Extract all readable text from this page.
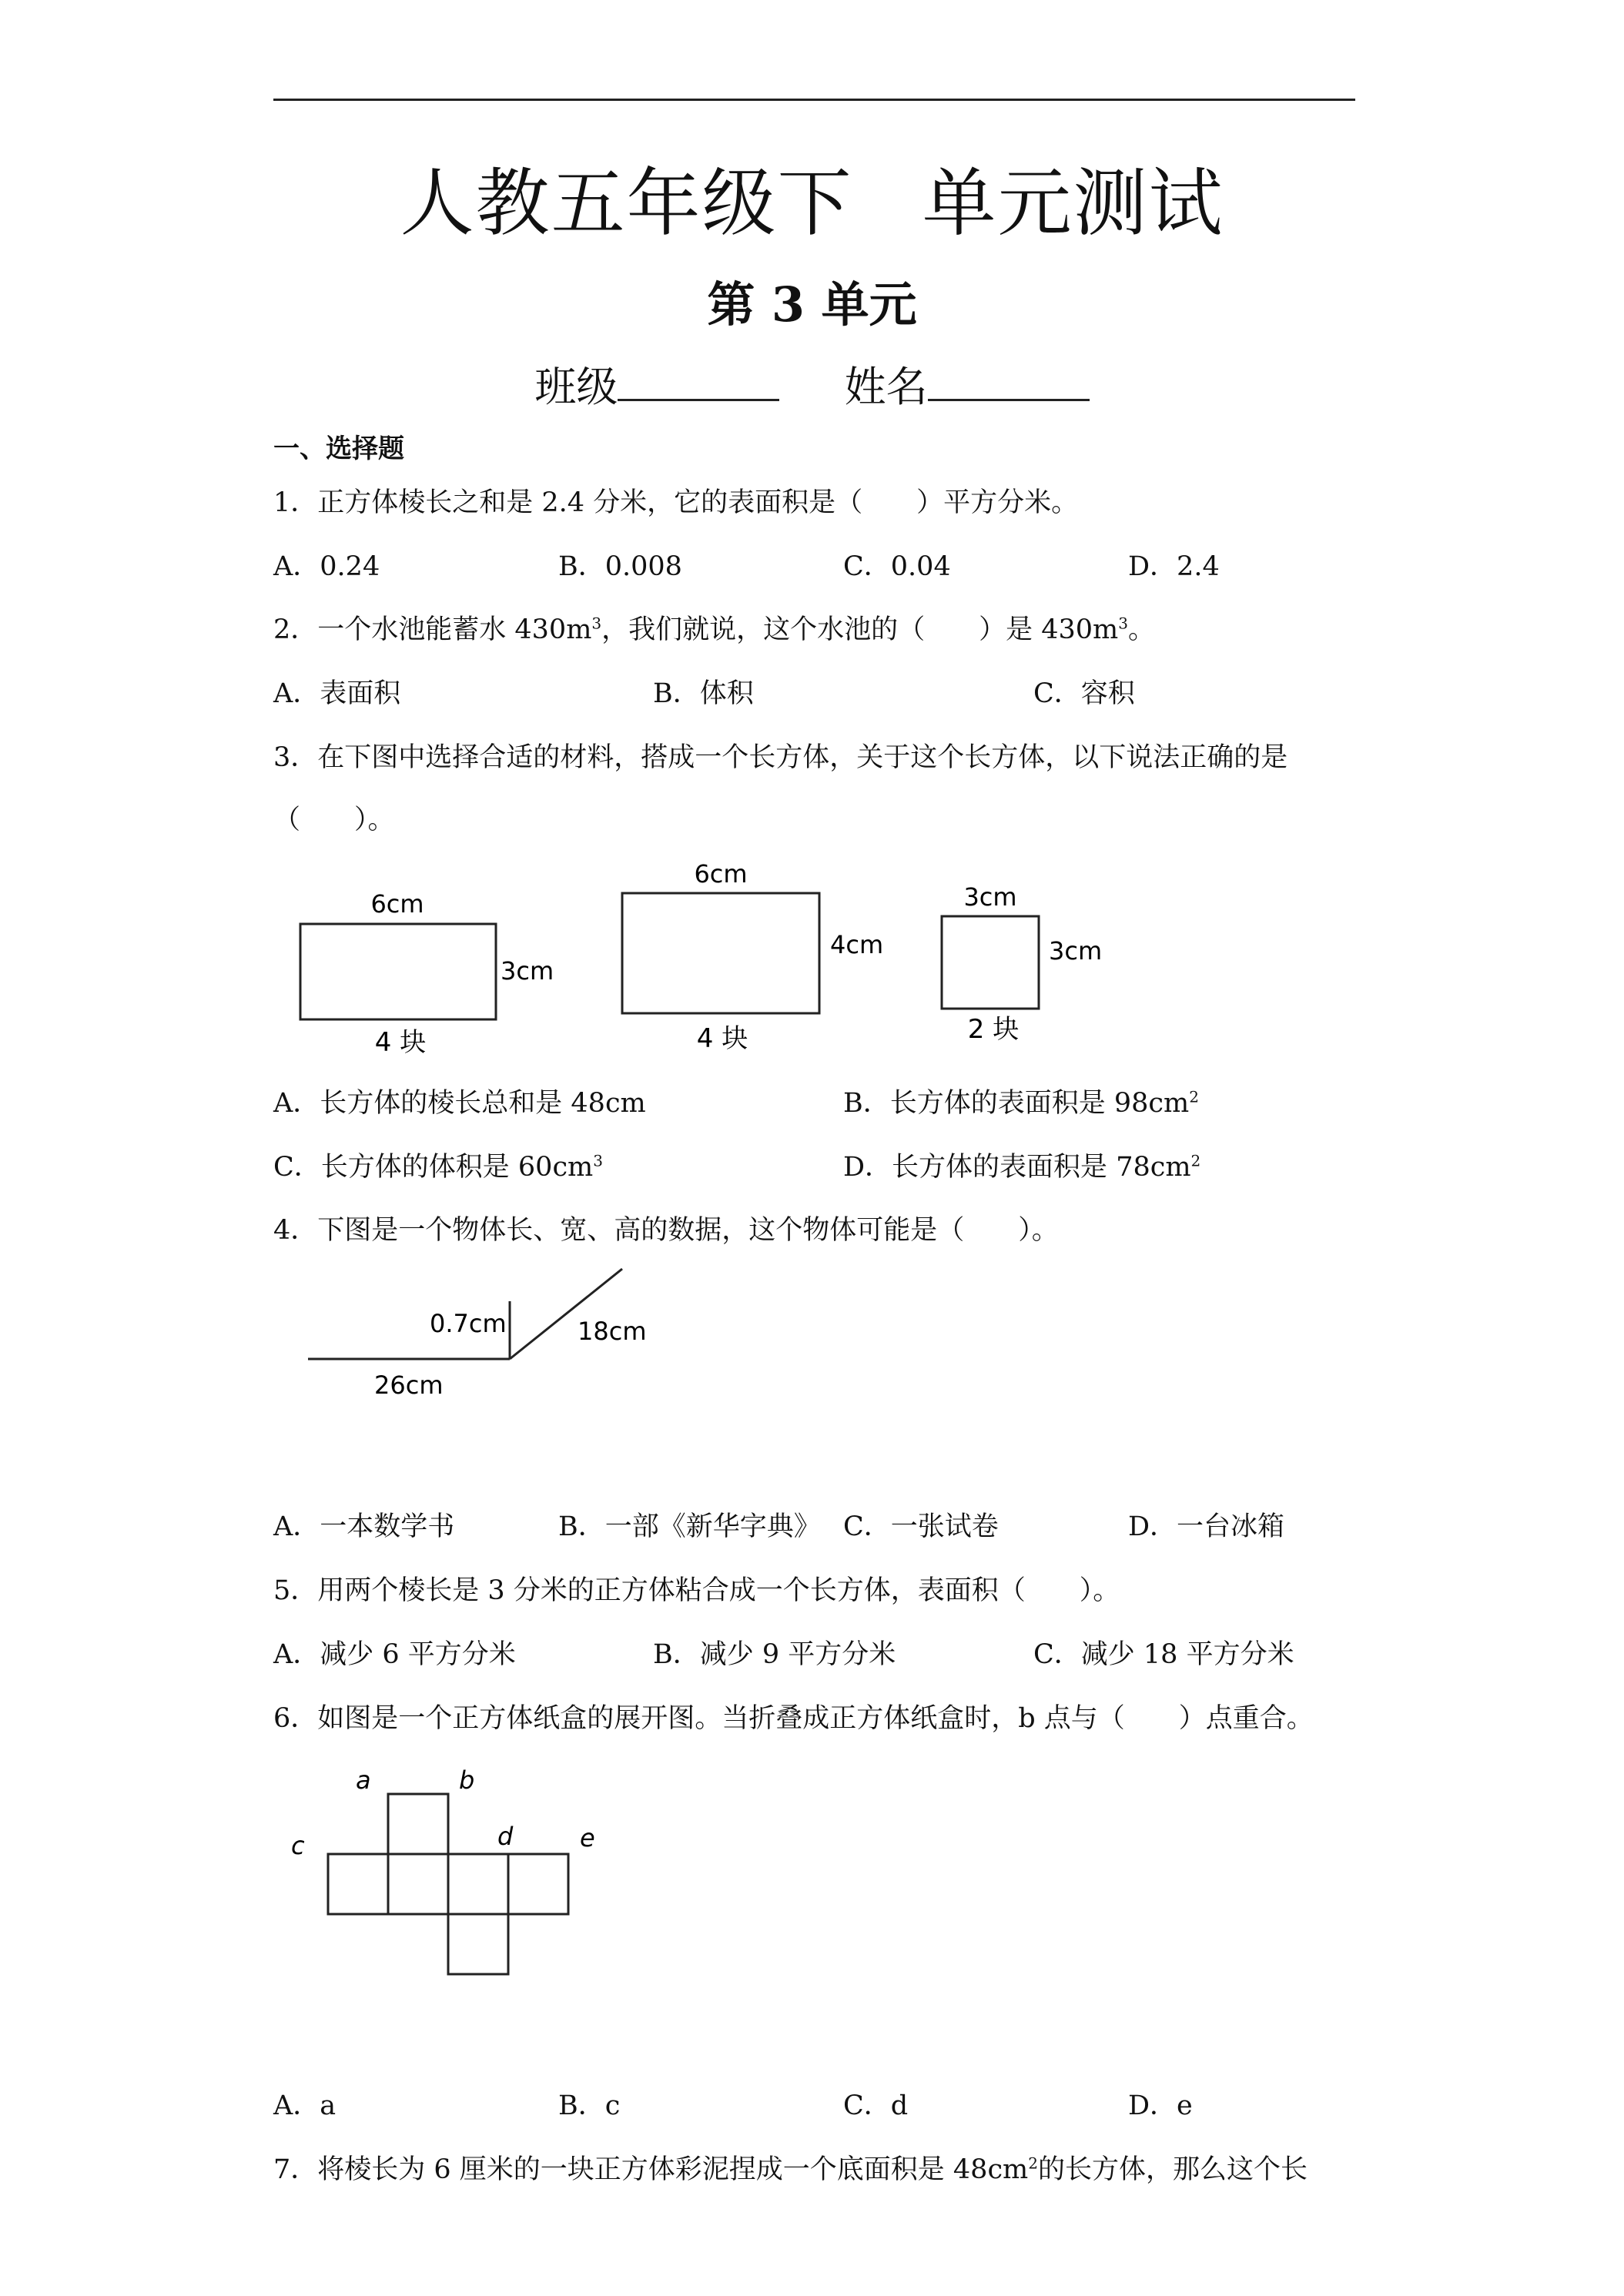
人教五年级下 单元测试
第 3 单元
班级	姓名
一、选择题
1．正方体棱长之和是 2.4 分米，它的表面积是（　　）平方分米。
A．0.24	B．0.008	C．0.04	D．2.4
2．一个水池能蓄水 $430m^3$，我们就说，这个水池的（　　）是 $430m^3$。
A．表面积	B．体积	C．容积
3．在下图中选择合适的材料，搭成一个长方体，关于这个长方体，以下说法正确的是
（　　）。
6cm
3cm
4 块
6cm
4cm
4 块
3cm
3cm
2 块
A．长方体的棱长总和是 48cm	B．长方体的表面积是 $98cm^2$
C．长方体的体积是 $60cm^3$	D．长方体的表面积是 $78cm^2$
4．下图是一个物体长、宽、高的数据，这个物体可能是（　　）。
0.7cm	18cm
26cm
A．一本数学书	B．一部《新华字典》 C．一张试卷	D．一台冰箱
5．用两个棱长是 3 分米的正方体粘合成一个长方体，表面积（　　）。
A．减少 6 平方分米	B．减少 9 平方分米	C．减少 18 平方分米
6．如图是一个正方体纸盒的展开图。当折叠成正方体纸盒时，b 点与（　　）点重合。
a	b
c	d	e
A．a	B．c	C．d	D．e
7．将棱长为 6 厘米的一块正方体彩泥捏成一个底面积是 $48cm^2$的长方体，那么这个长
